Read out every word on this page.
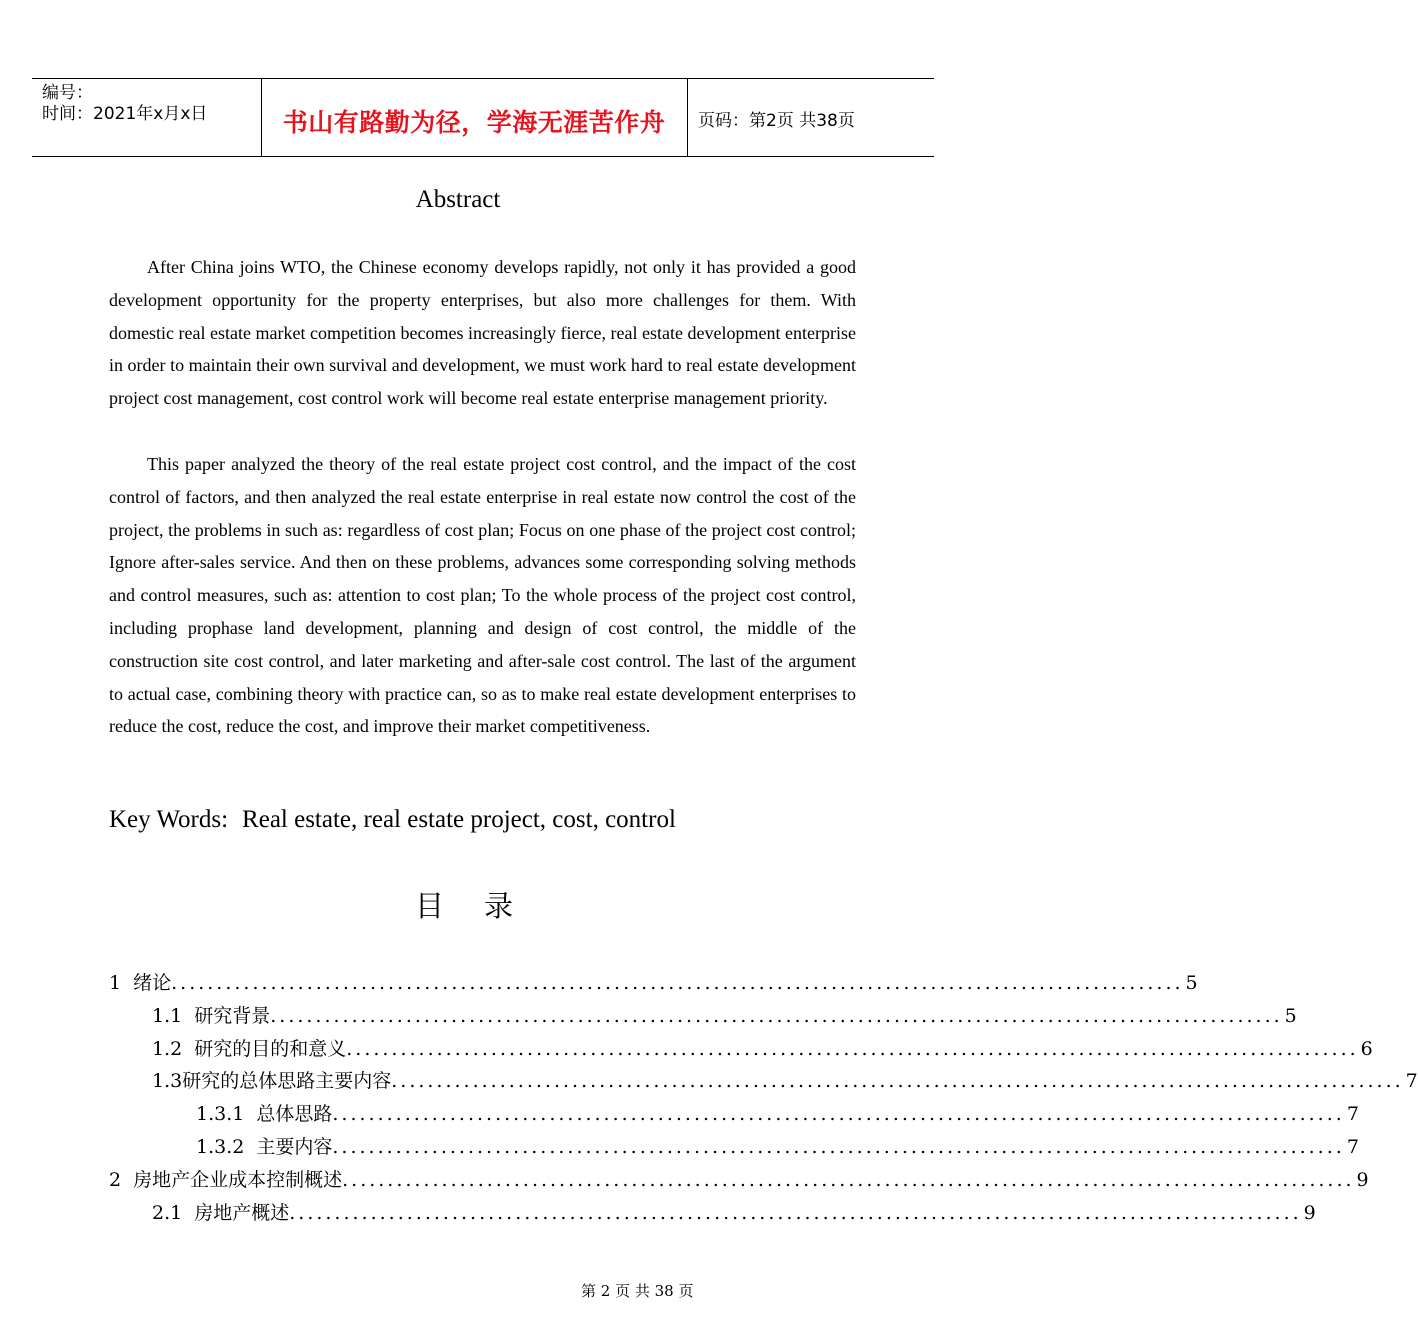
编号：
时间：2021年x月x日	书山有路勤为径，学海无涯苦作舟	页码：第2页 共38页
Abstract

After China joins WTO, the Chinese economy develops rapidly, not only it has provided a good development opportunity for the property enterprises, but also more challenges for them. With domestic real estate market competition becomes increasingly fierce, real estate development enterprise in order to maintain their own survival and development, we must work hard to real estate development project cost management, cost control work will become real estate enterprise management priority.

This paper analyzed the theory of the real estate project cost control, and the impact of the cost control of factors, and then analyzed the real estate enterprise in real estate now control the cost of the project, the problems in such as: regardless of cost plan; Focus on one phase of the project cost control; Ignore after-sales service. And then on these problems, advances some corresponding solving methods and control measures, such as: attention to cost plan; To the whole process of the project cost control, including prophase land development, planning and design of cost control, the middle of the construction site cost control, and later marketing and after-sale cost control. The last of the argument to actual case, combining theory with practice can, so as to make real estate development enterprises to reduce the cost, reduce the cost, and improve their market competitiveness.

Key Words: Real estate, real estate project, cost, control
目录
1 绪论 ................................................................................................................ 5
1.1 研究背景 ................................................................................................................ 5
1.2 研究的目的和意义 ................................................................................................................ 6
1.3 研究的总体思路主要内容 ................................................................................................................ 7
1.3.1 总体思路 ................................................................................................................ 7
1.3.2 主要内容 ................................................................................................................ 7
2 房地产企业成本控制概述 ................................................................................................................ 9
2.1 房地产概述 ................................................................................................................ 9
第 2 页 共 38 页
